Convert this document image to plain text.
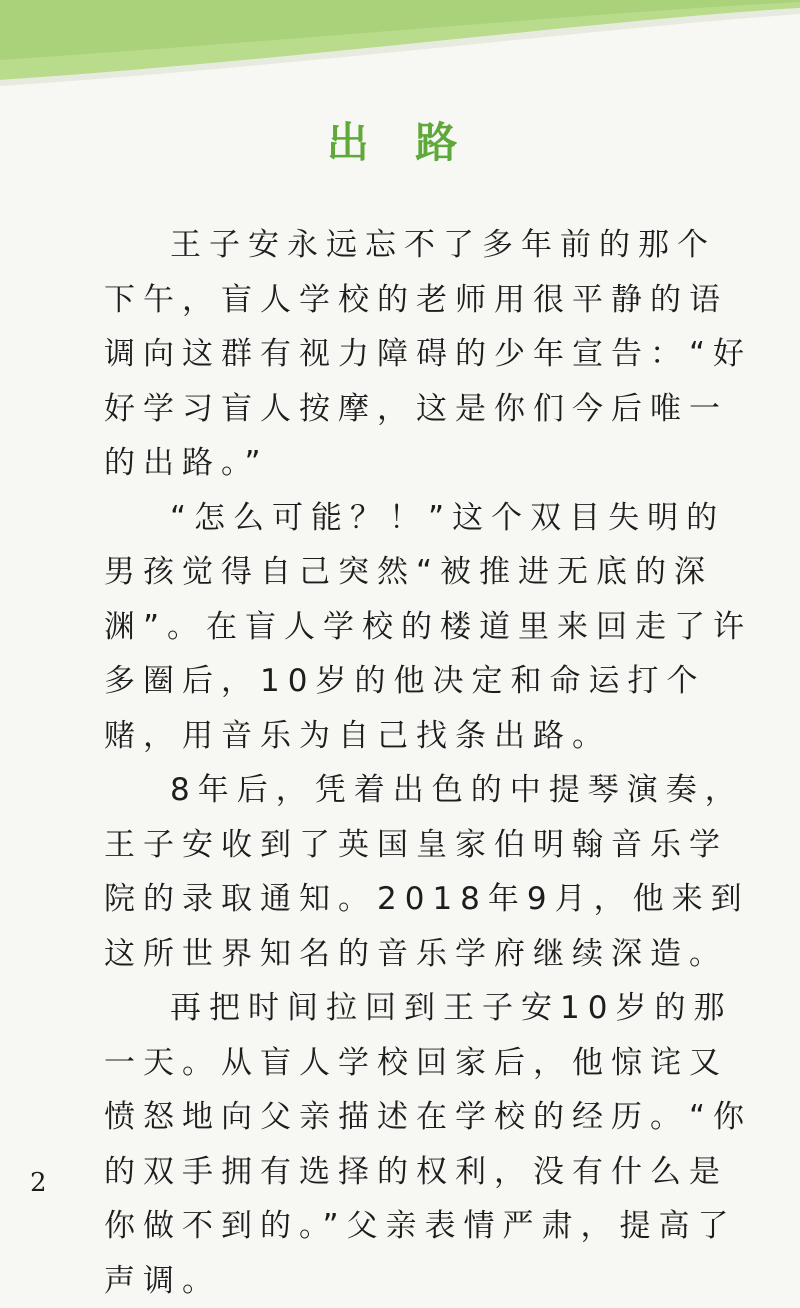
出 路

王子安永远忘不了多年前的那个下午，盲人学校的老师用很平静的语调向这群有视力障碍的少年宣告：“好好学习盲人按摩，这是你们今后唯一的出路。”

“怎么可能？！”这个双目失明的男孩觉得自己突然“被推进无底的深渊”。在盲人学校的楼道里来回走了许多圈后，10岁的他决定和命运打个赌，用音乐为自己找条出路。

8年后，凭着出色的中提琴演奏，王子安收到了英国皇家伯明翰音乐学院的录取通知。2018年9月，他来到这所世界知名的音乐学府继续深造。

再把时间拉回到王子安10岁的那一天。从盲人学校回家后，他惊诧又愤怒地向父亲描述在学校的经历。“你的双手拥有选择的权利，没有什么是你做不到的。”父亲表情严肃，提高了声调。

2
